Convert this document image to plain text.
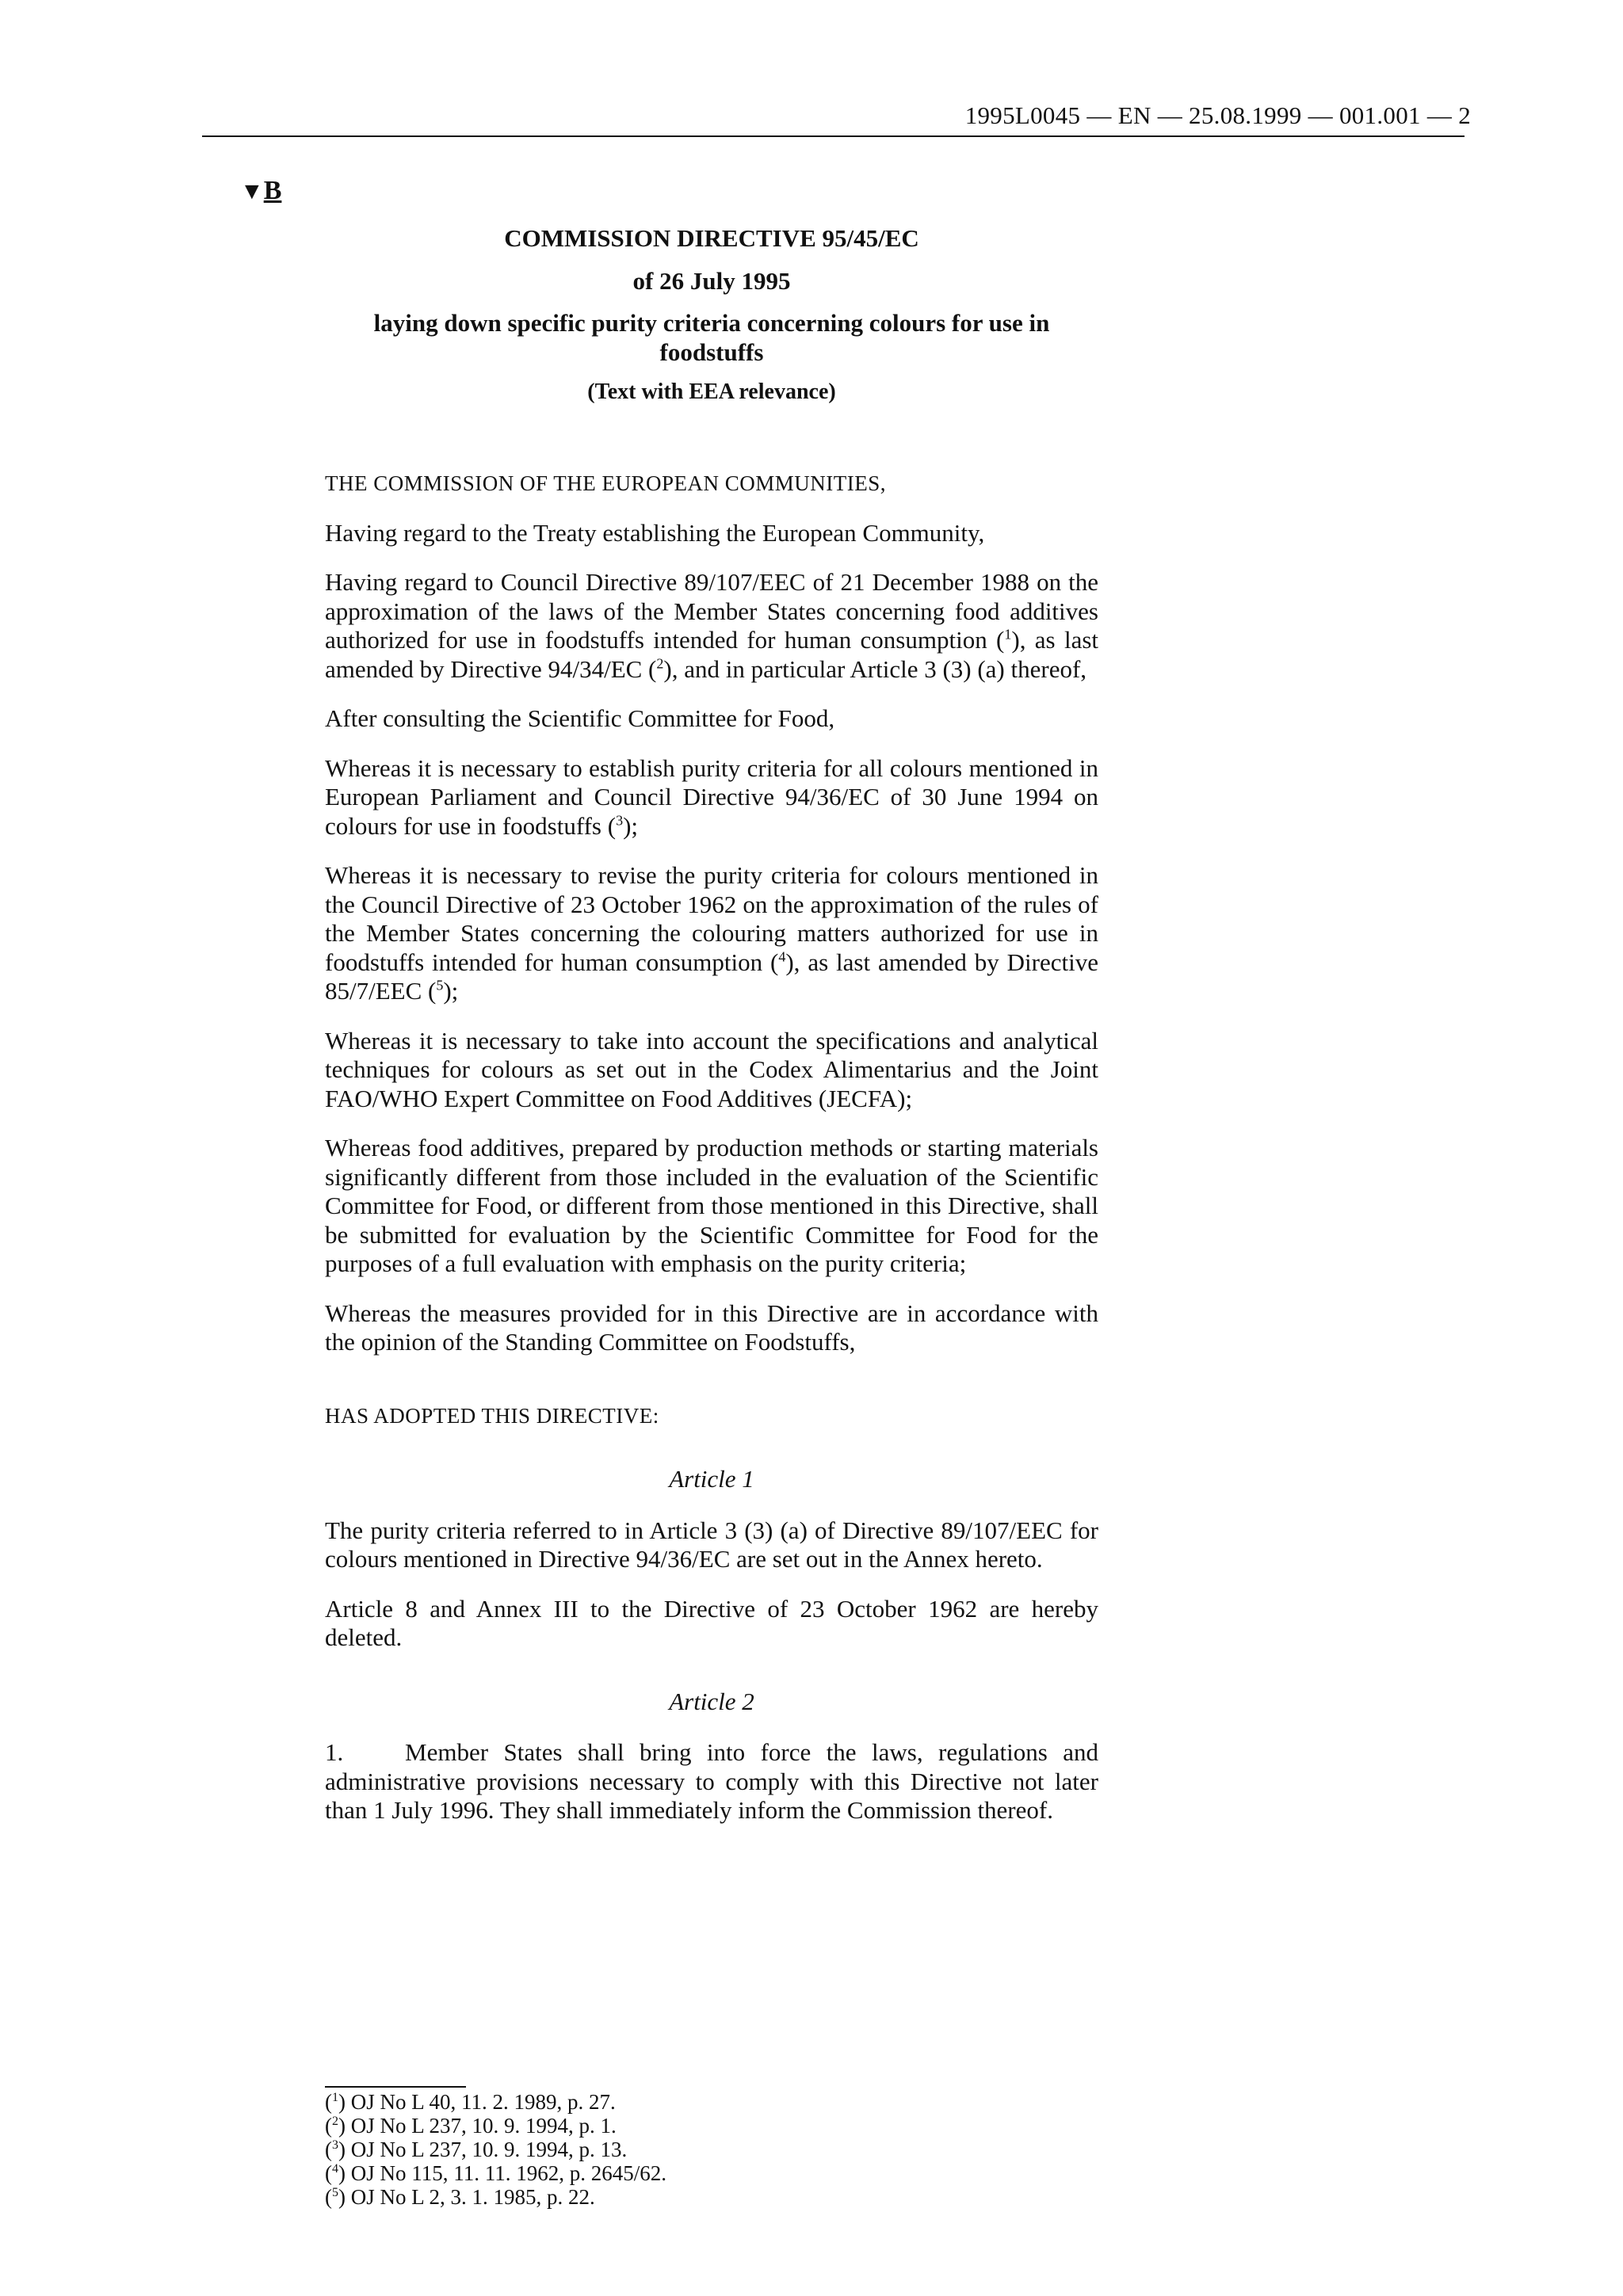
1995L0045 — EN — 25.08.1999 — 001.001 — 2
▼B

COMMISSION DIRECTIVE 95/45/EC

of 26 July 1995

laying down specific purity criteria concerning colours for use in foodstuffs

(Text with EEA relevance)

THE COMMISSION OF THE EUROPEAN COMMUNITIES,

Having regard to the Treaty establishing the European Community,

Having regard to Council Directive 89/107/EEC of 21 December 1988 on the approximation of the laws of the Member States concerning food additives authorized for use in foodstuffs intended for human consumption ($^1$), as last amended by Directive 94/34/EC ($^2$), and in particular Article 3 (3) (a) thereof,

After consulting the Scientific Committee for Food,

Whereas it is necessary to establish purity criteria for all colours mentioned in European Parliament and Council Directive 94/36/EC of 30 June 1994 on colours for use in foodstuffs ($^3$);

Whereas it is necessary to revise the purity criteria for colours mentioned in the Council Directive of 23 October 1962 on the approximation of the rules of the Member States concerning the colouring matters authorized for use in foodstuffs intended for human consumption ($^4$), as last amended by Directive 85/7/EEC ($^5$);

Whereas it is necessary to take into account the specifications and analytical techniques for colours as set out in the Codex Alimentarius and the Joint FAO/WHO Expert Committee on Food Additives (JECFA);

Whereas food additives, prepared by production methods or starting materials significantly different from those included in the evaluation of the Scientific Committee for Food, or different from those mentioned in this Directive, shall be submitted for evaluation by the Scientific Committee for Food for the purposes of a full evaluation with emphasis on the purity criteria;

Whereas the measures provided for in this Directive are in accordance with the opinion of the Standing Committee on Foodstuffs,

HAS ADOPTED THIS DIRECTIVE:

Article 1

The purity criteria referred to in Article 3 (3) (a) of Directive 89/107/EEC for colours mentioned in Directive 94/36/EC are set out in the Annex hereto.

Article 8 and Annex III to the Directive of 23 October 1962 are hereby deleted.

Article 2

1.    Member States shall bring into force the laws, regulations and administrative provisions necessary to comply with this Directive not later than 1 July 1996. They shall immediately inform the Commission thereof.

($^1$) OJ No L 40, 11. 2. 1989, p. 27.
($^2$) OJ No L 237, 10. 9. 1994, p. 1.
($^3$) OJ No L 237, 10. 9. 1994, p. 13.
($^4$) OJ No 115, 11. 11. 1962, p. 2645/62.
($^5$) OJ No L 2, 3. 1. 1985, p. 22.
